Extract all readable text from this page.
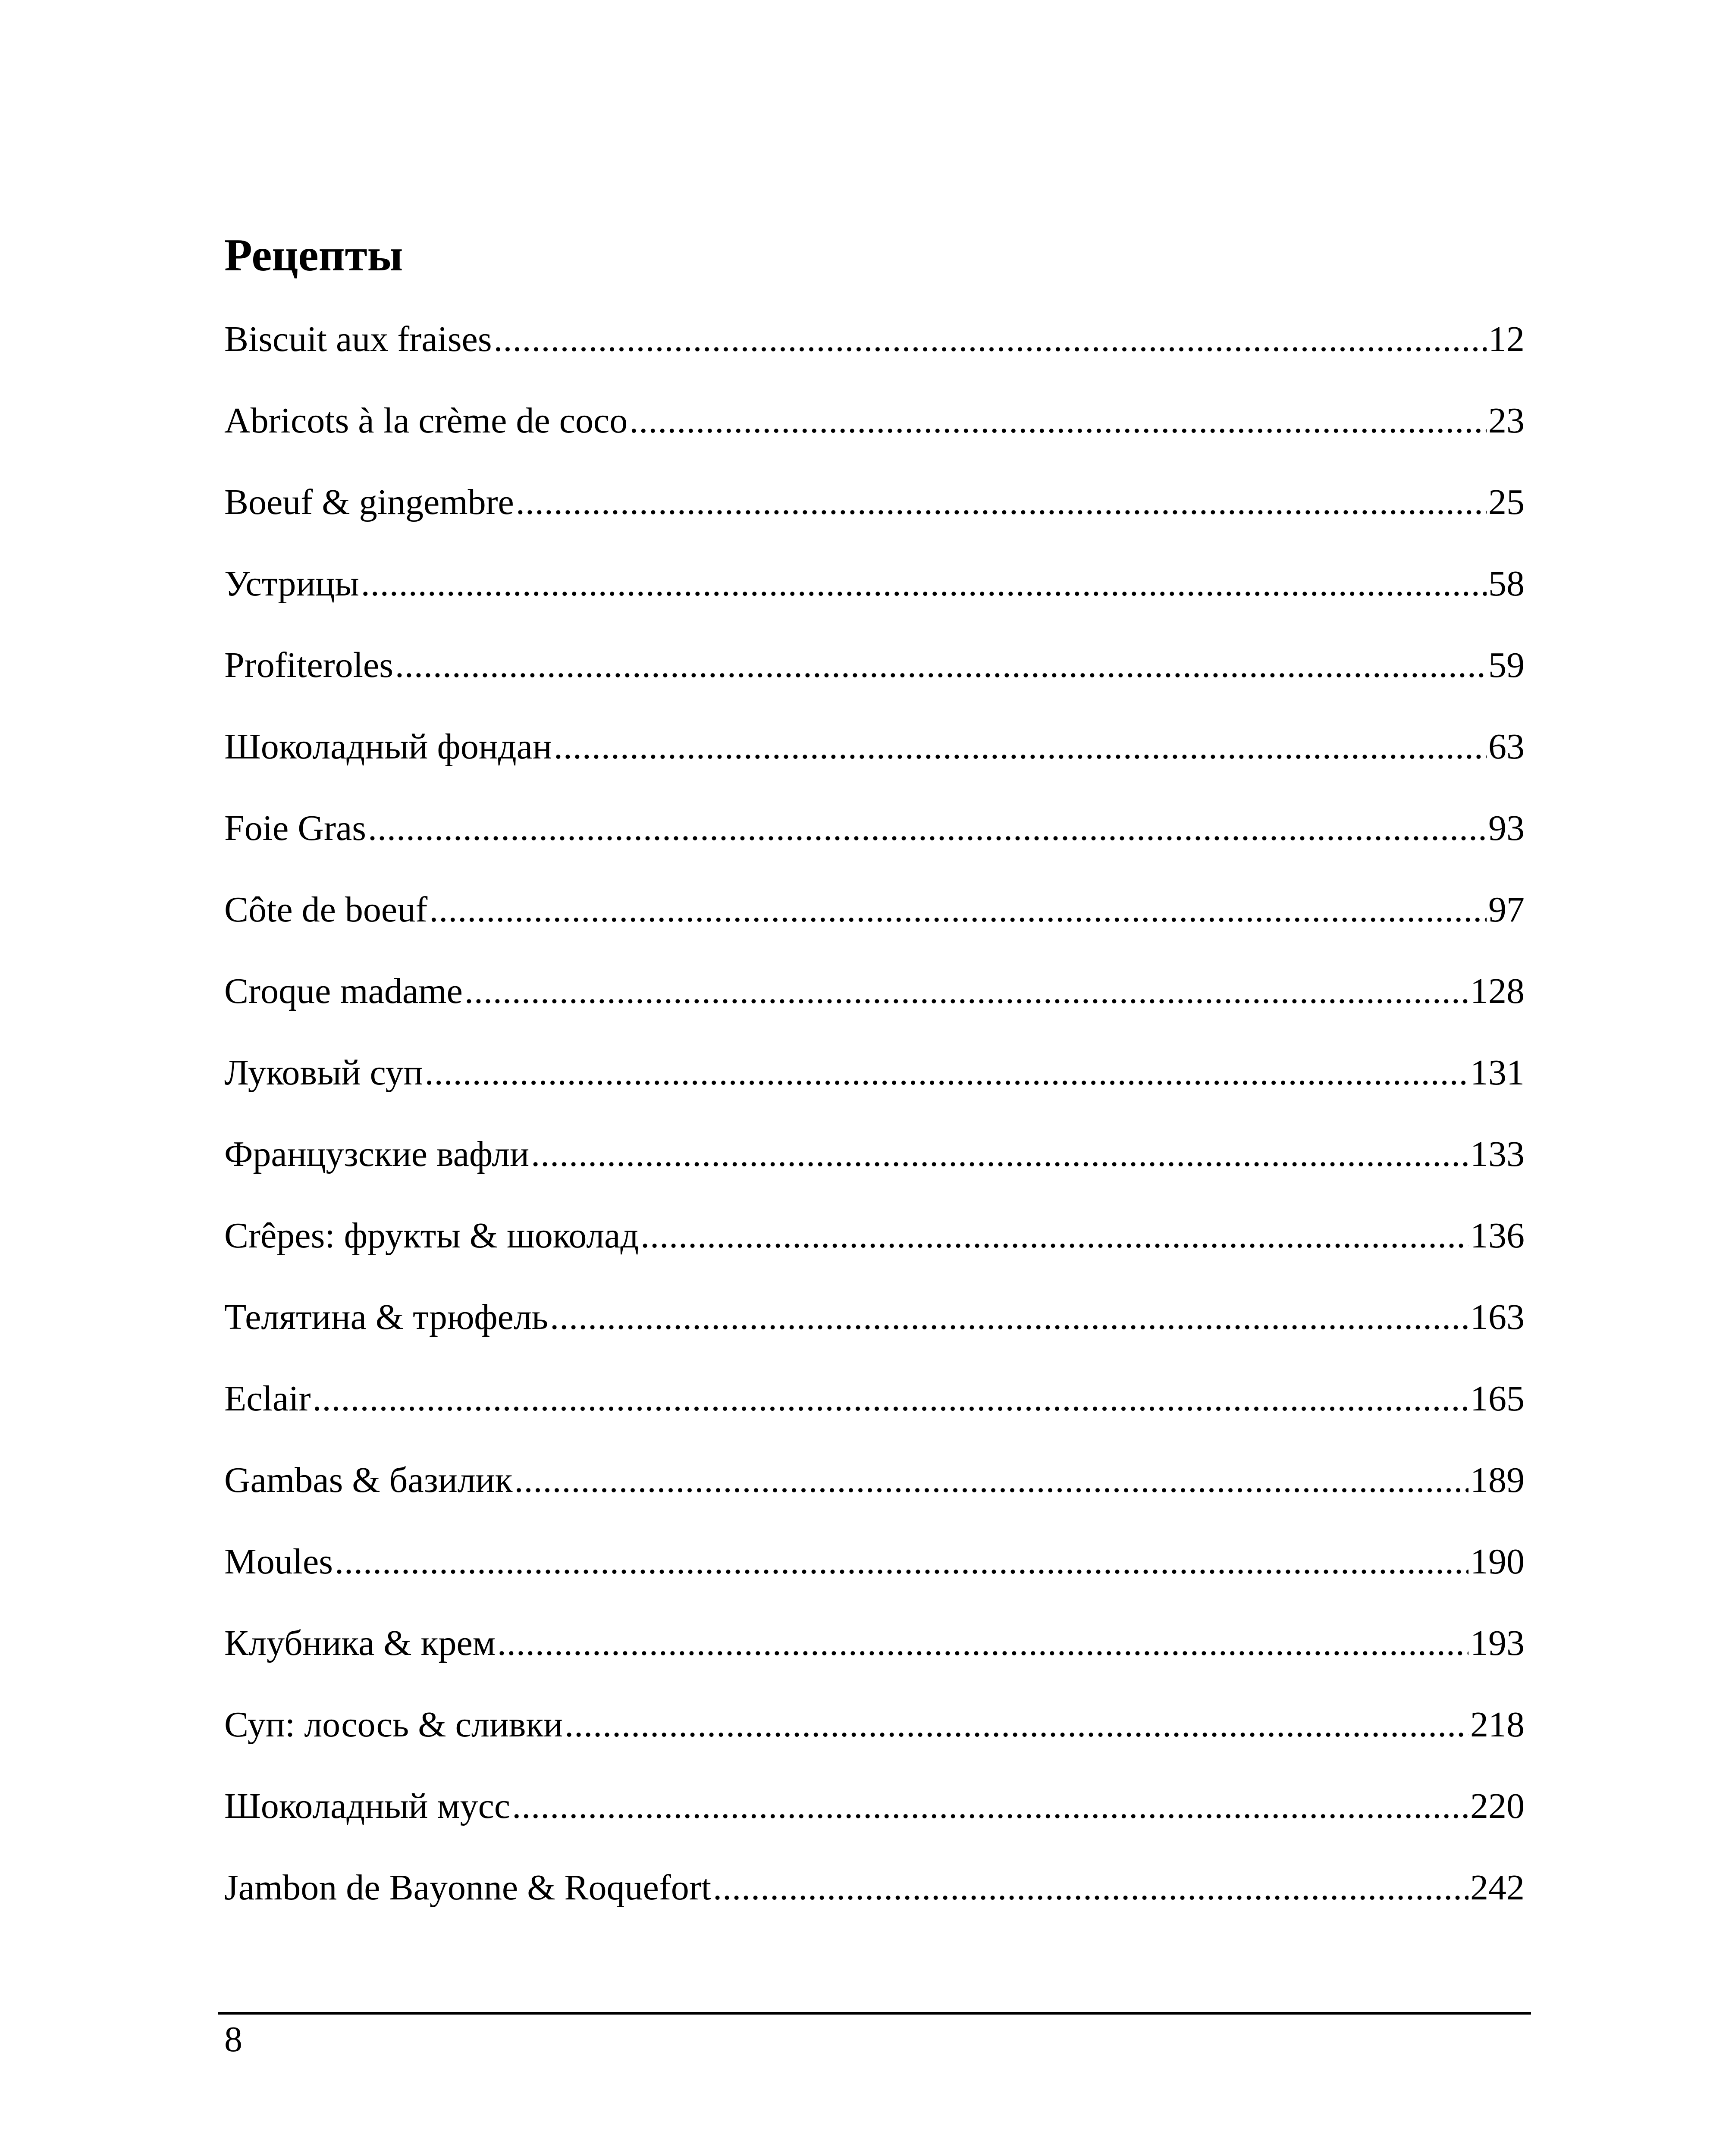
Рецепты
Biscuit aux fraises .....	12
Abricots à la crème de coco .....	23
Boeuf & gingembre .....	25
Устрицы .....	58
Profiteroles .....	59
Шоколадный фондан .....	63
Foie Gras .....	93
Côte de boeuf .....	97
Croque madame .....	128
Луковый суп .....	131
Французские вафли .....	133
Crêpes: фрукты & шоколад .....	136
Телятина & трюфель .....	163
Eclair .....	165
Gambas & базилик .....	189
Moules .....	190
Клубника & крем .....	193
Суп: лосось & сливки .....	218
Шоколадный мусс .....	220
Jambon de Bayonne & Roquefort .....	242
8
